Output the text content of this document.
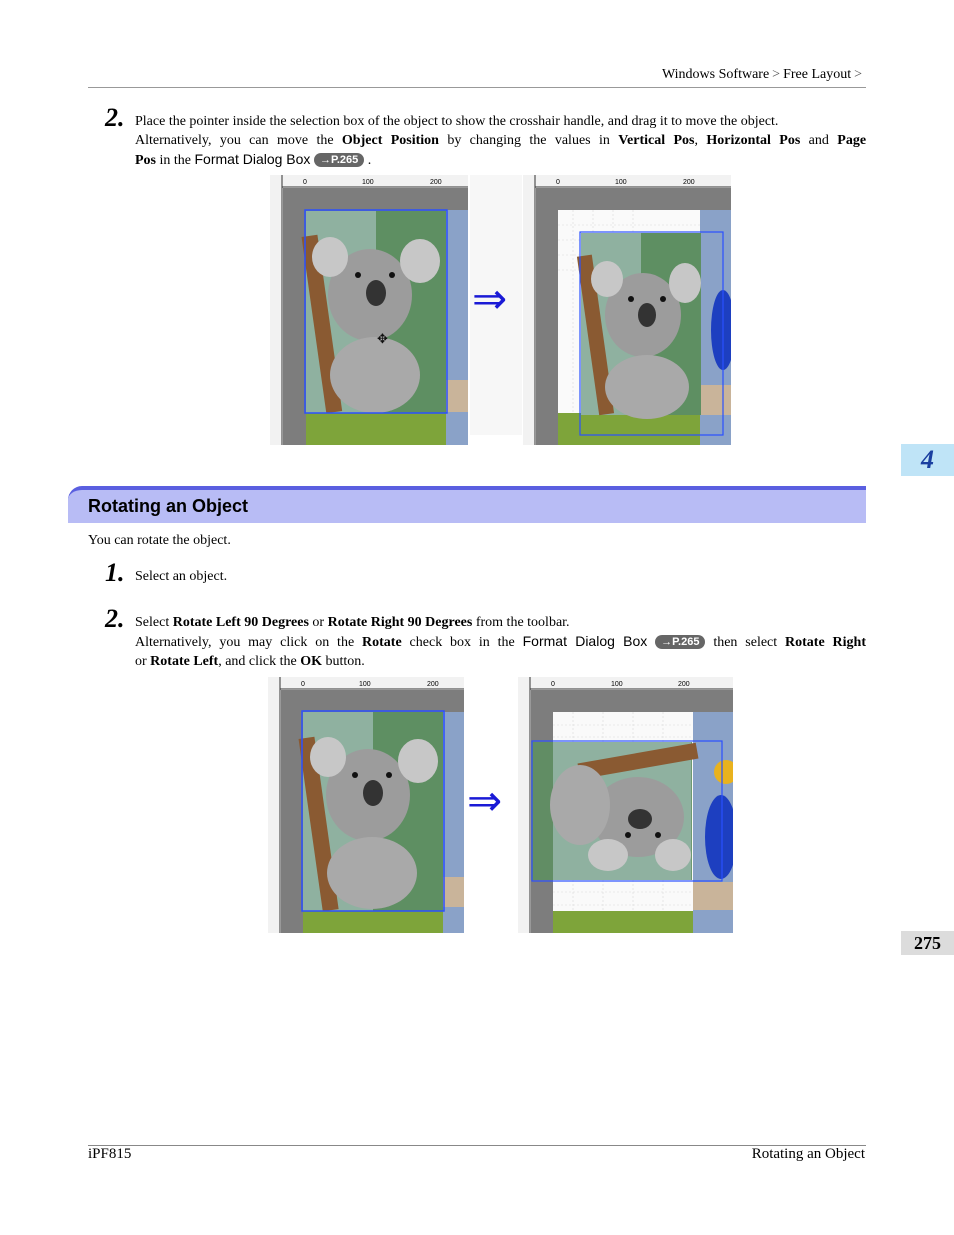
Windows Software > Free Layout >
2. Place the pointer inside the selection box of the object to show the crosshair handle, and drag it to move the object.
Alternatively, you can move the Object Position by changing the values in Vertical Pos, Horizontal Pos and Page
Pos in the Format Dialog Box →P.265 .
0	100	200
✥
⇒
0	100	200
4
Rotating an Object
You can rotate the object.
1. Select an object.
2. Select Rotate Left 90 Degrees or Rotate Right 90 Degrees from the toolbar.
Alternatively, you may click on the Rotate check box in the Format Dialog Box →P.265 then select Rotate Right
or Rotate Left, and click the OK button.
0	100	200
⇒
0	100	200
275
iPF815	Rotating an Object
